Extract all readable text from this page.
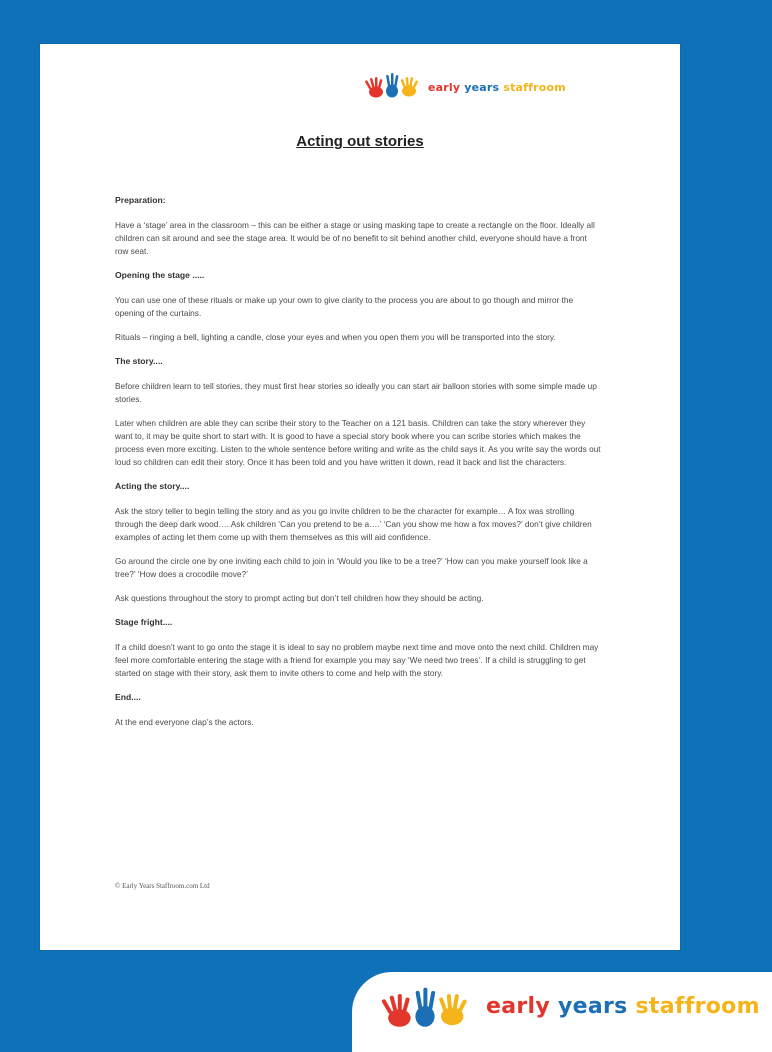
early years staffroom
Acting out stories
Preparation:

Have a ‘stage’ area in the classroom – this can be either a stage or using masking tape to create a rectangle on the floor. Ideally all children can sit around and see the stage area. It would be of no benefit to sit behind another child, everyone should have a front row seat.

Opening the stage .....

You can use one of these rituals or make up your own to give clarity to the process you are about to go though and mirror the opening of the curtains.

Rituals – ringing a bell, lighting a candle, close your eyes and when you open them you will be transported into the story.

The story....

Before children learn to tell stories, they must first hear stories so ideally you can start air balloon stories with some simple made up stories.

Later when children are able they can scribe their story to the Teacher on a 121 basis. Children can take the story wherever they want to, it may be quite short to start with. It is good to have a special story book where you can scribe stories which makes the process even more exciting. Listen to the whole sentence before writing and write as the child says it. As you write say the words out loud so children can edit their story. Once it has been told and you have written it down, read it back and list the characters.

Acting the story....

Ask the story teller to begin telling the story and as you go invite children to be the character for example… A fox was strolling through the deep dark wood…. Ask children ‘Can you pretend to be a….’ ‘Can you show me how a fox moves?’ don’t give children examples of acting let them come up with them themselves as this will aid confidence.

Go around the circle one by one inviting each child to join in ‘Would you like to be a tree?’ ‘How can you make yourself look like a tree?’ ‘How does a crocodile move?’

Ask questions throughout the story to prompt acting but don’t tell children how they should be acting.

Stage fright....

If a child doesn’t want to go onto the stage it is ideal to say no problem maybe next time and move onto the next child. Children may feel more comfortable entering the stage with a friend for example you may say ‘We need two trees’. If a child is struggling to get started on stage with their story, ask them to invite others to come and help with the story.

End....

At the end everyone clap’s the actors.

© Early Years Staffroom.com Ltd
early years staffroom
